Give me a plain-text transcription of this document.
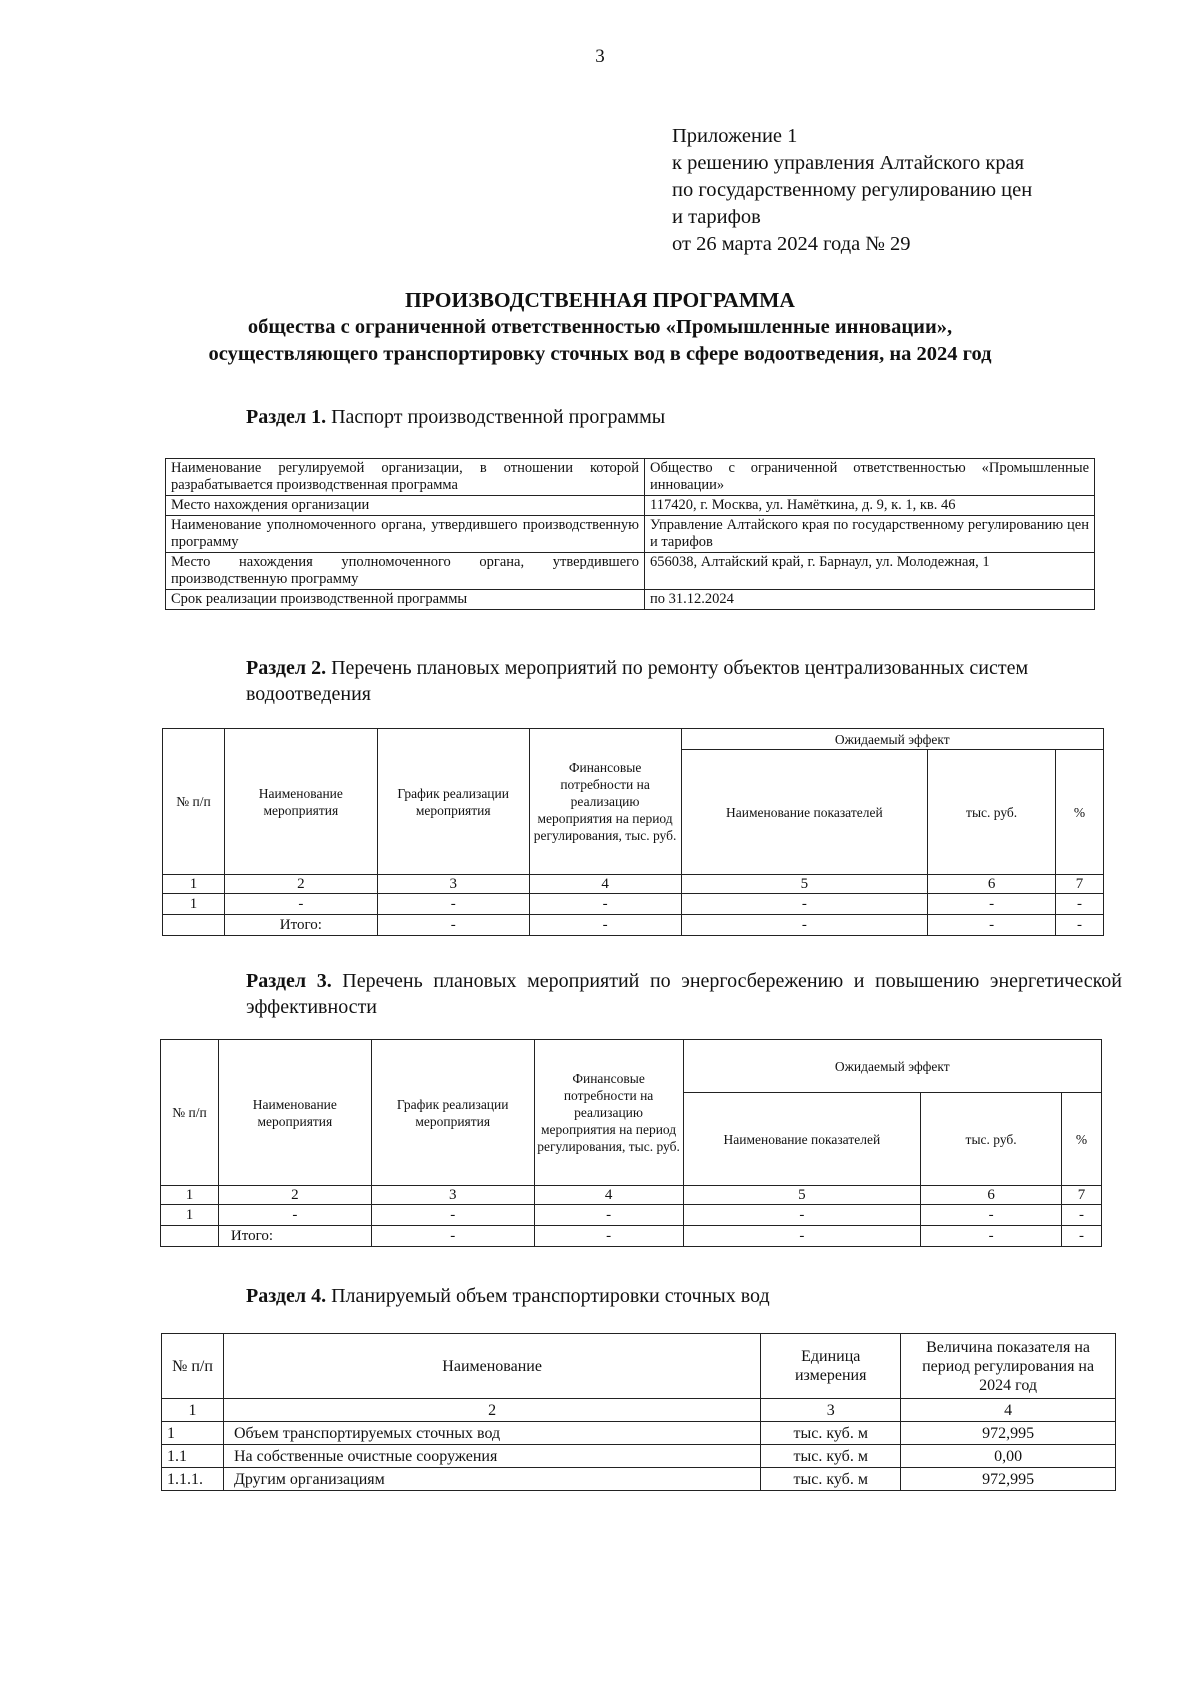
3
Приложение 1
к решению управления Алтайского края
по государственному регулированию цен
и тарифов
от 26 марта 2024 года № 29
ПРОИЗВОДСТВЕННАЯ ПРОГРАММА
общества с ограниченной ответственностью «Промышленные инновации»,
осуществляющего транспортировку сточных вод в сфере водоотведения, на 2024 год
Раздел 1. Паспорт производственной программы
Наименование регулируемой организации, в отношении которой разрабатывается производственная программа	Общество с ограниченной ответственностью «Промышленные инновации»
Место нахождения организации	117420, г. Москва, ул. Намёткина, д. 9, к. 1, кв. 46
Наименование уполномоченного органа, утвердившего производственную программу	Управление Алтайского края по государственному регулированию цен и тарифов
Место нахождения уполномоченного органа, утвердившего производственную программу	656038, Алтайский край, г. Барнаул, ул. Молодежная, 1
Срок реализации производственной программы	по 31.12.2024
Раздел 2. Перечень плановых мероприятий по ремонту объектов централизованных систем водоотведения
№ п/п	Наименование мероприятия	График реализации мероприятия	Финансовые потребности на реализацию мероприятия на период регулирования, тыс. руб.	Ожидаемый эффект		
				Наименование показателей	тыс. руб.	%
1	2	3	4	5	6	7
1	-	-	-	-	-	-
	Итого:	-	-	-	-	-
Раздел 3. Перечень плановых мероприятий по энергосбережению и повышению энергетической эффективности
№ п/п	Наименование мероприятия	График реализации мероприятия	Финансовые потребности на реализацию мероприятия на период регулирования, тыс. руб.	Ожидаемый эффект		
				Наименование показателей	тыс. руб.	%
1	2	3	4	5	6	7
1	-	-	-	-	-	-
	Итого:	-	-	-	-	-
Раздел 4. Планируемый объем транспортировки сточных вод
№ п/п	Наименование	Единица измерения	Величина показателя на период регулирования на 2024 год
1	2	3	4
1	Объем транспортируемых сточных вод	тыс. куб. м	972,995
1.1	На собственные очистные сооружения	тыс. куб. м	0,00
1.1.1.	Другим организациям	тыс. куб. м	972,995
